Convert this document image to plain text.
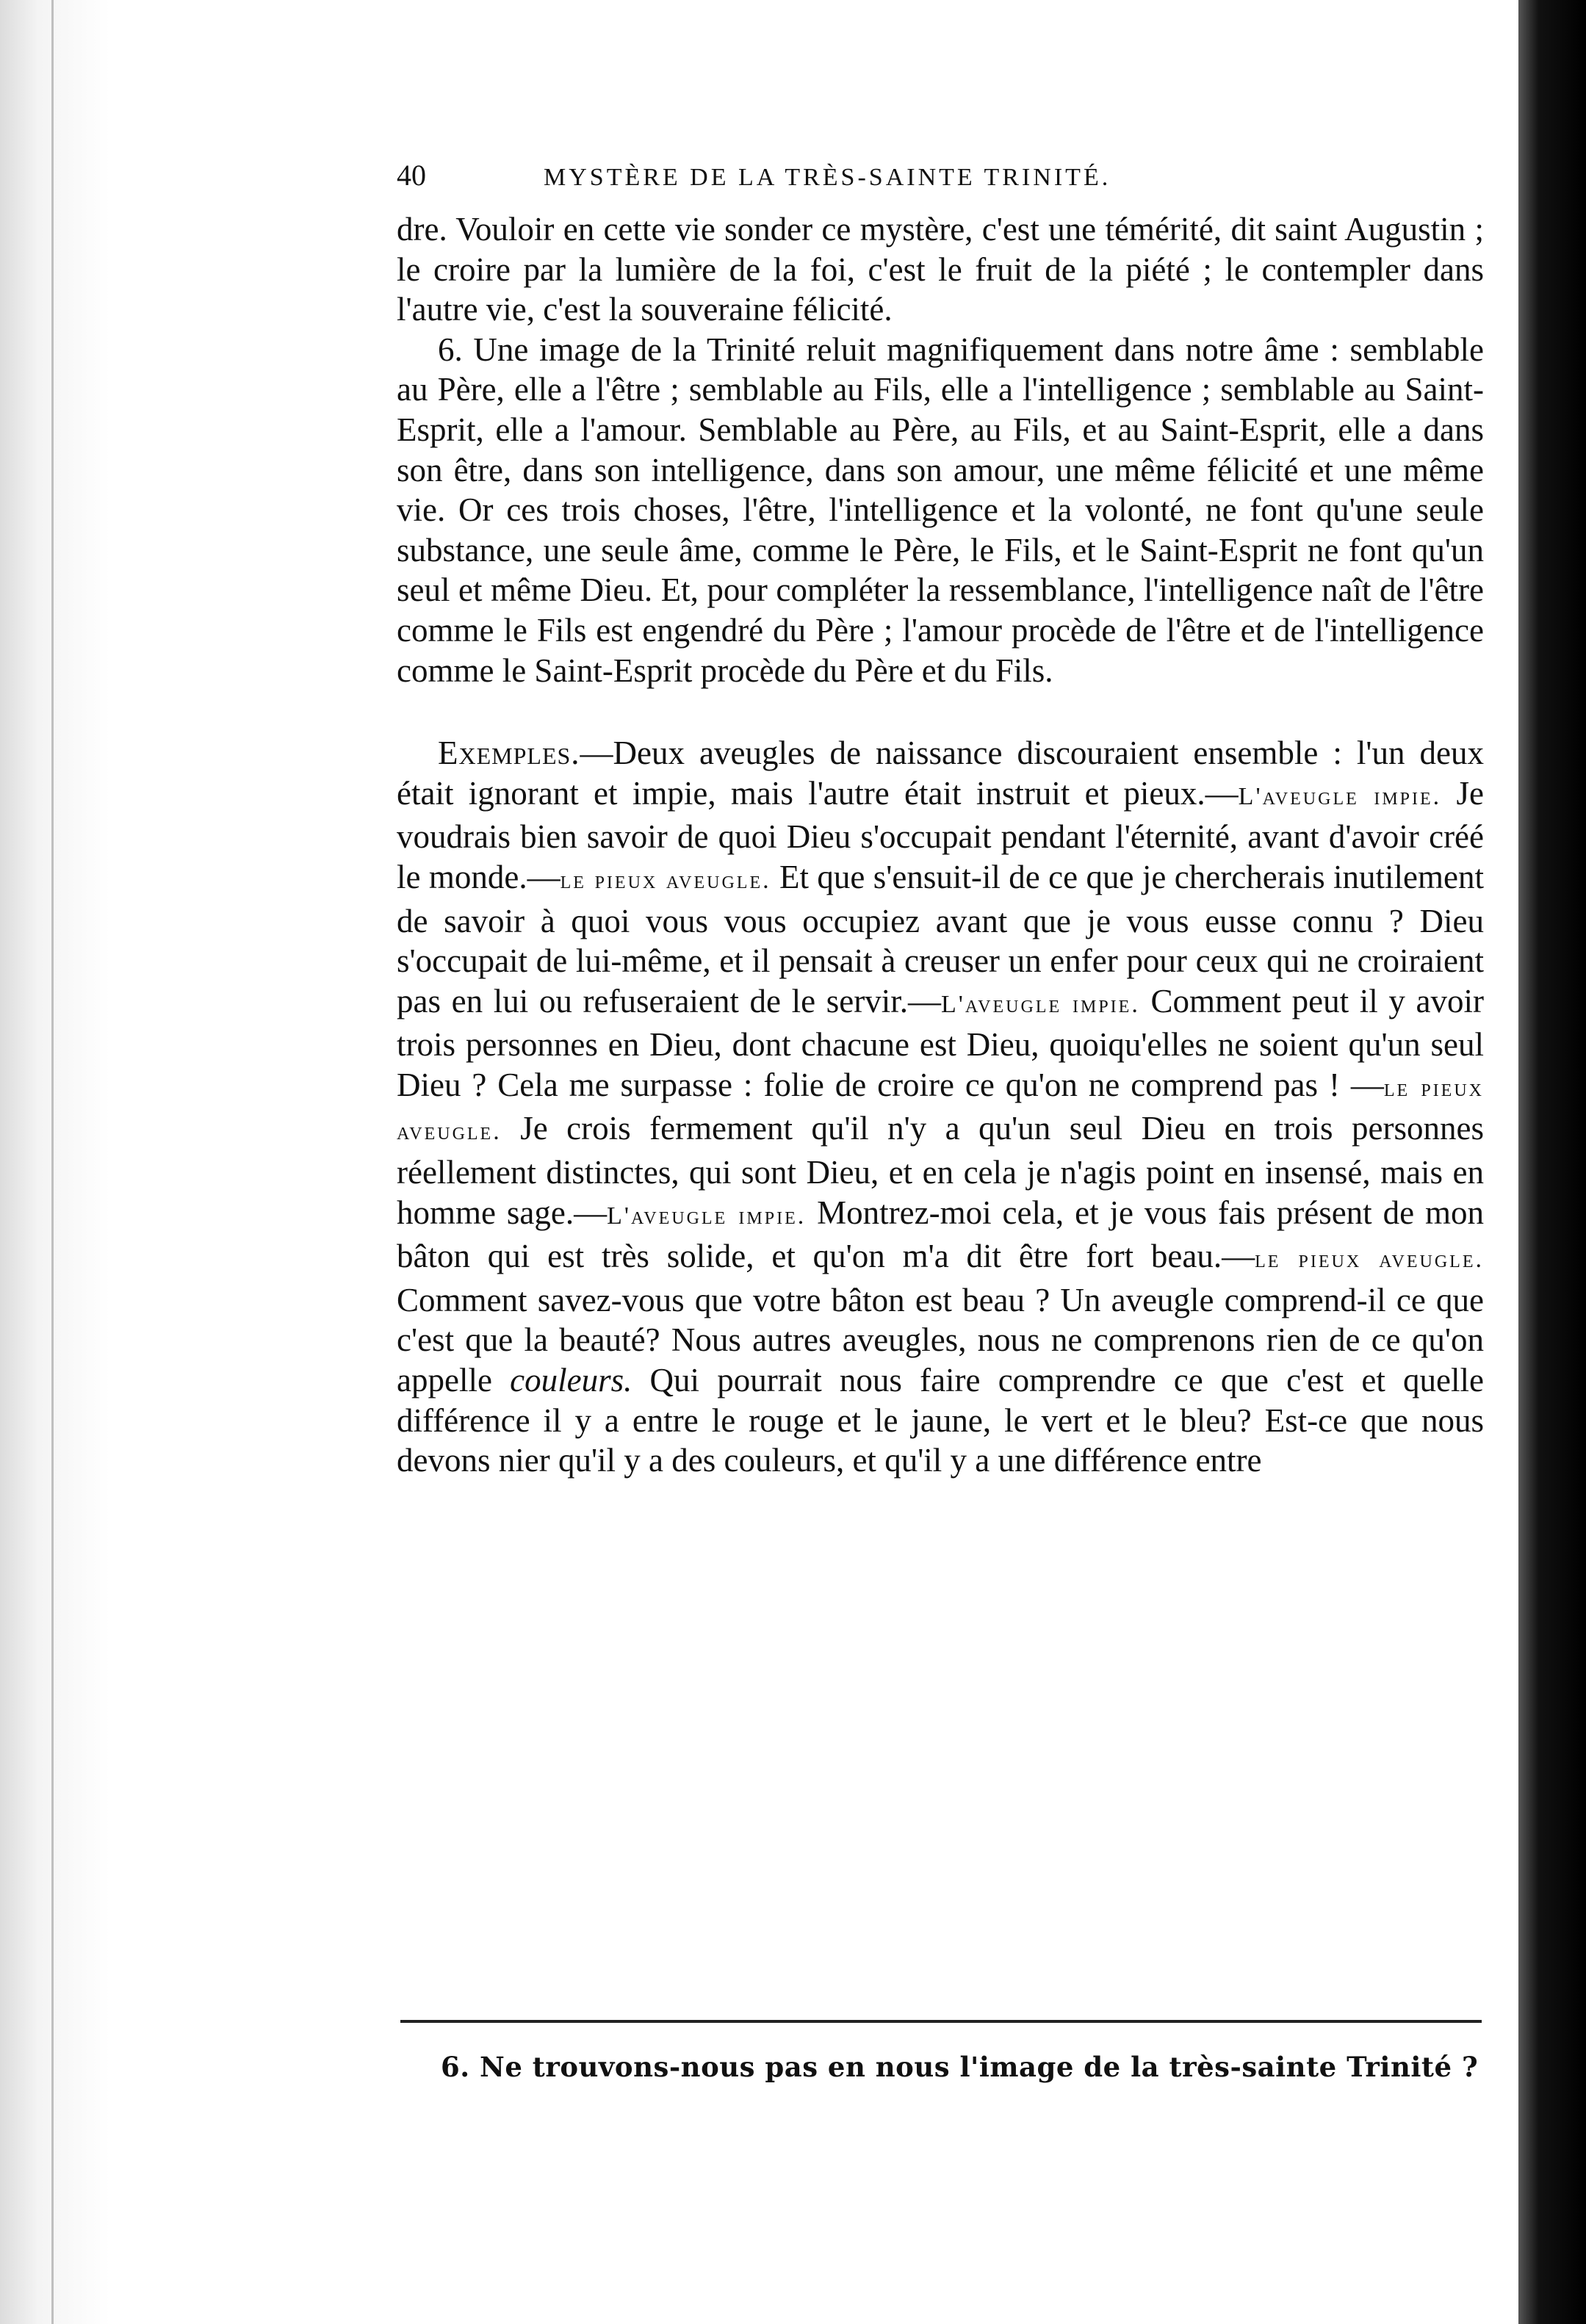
40	MYSTÈRE DE LA TRÈS-SAINTE TRINITÉ.

dre. Vouloir en cette vie sonder ce mystère, c'est une témérité, dit saint Augustin ; le croire par la lumière de la foi, c'est le fruit de la piété ; le contempler dans l'autre vie, c'est la souveraine félicité.

6. Une image de la Trinité reluit magnifiquement dans notre âme : semblable au Père, elle a l'être ; semblable au Fils, elle a l'intelligence ; semblable au Saint-Esprit, elle a l'amour. Semblable au Père, au Fils, et au Saint-Esprit, elle a dans son être, dans son intelligence, dans son amour, une même félicité et une même vie. Or ces trois choses, l'être, l'intelligence et la volonté, ne font qu'une seule substance, une seule âme, comme le Père, le Fils, et le Saint-Esprit ne font qu'un seul et même Dieu. Et, pour compléter la ressemblance, l'intelligence naît de l'être comme le Fils est engendré du Père ; l'amour procède de l'être et de l'intelligence comme le Saint-Esprit procède du Père et du Fils.

Exemples.—Deux aveugles de naissance discouraient ensemble : l'un deux était ignorant et impie, mais l'autre était instruit et pieux.—L'aveugle impie. Je voudrais bien savoir de quoi Dieu s'occupait pendant l'éternité, avant d'avoir créé le monde.—le pieux aveugle. Et que s'ensuit-il de ce que je chercherais inutilement de savoir à quoi vous vous occupiez avant que je vous eusse connu ? Dieu s'occupait de lui-même, et il pensait à creuser un enfer pour ceux qui ne croiraient pas en lui ou refuseraient de le servir.—L'aveugle impie. Comment peut il y avoir trois personnes en Dieu, dont chacune est Dieu, quoiqu'elles ne soient qu'un seul Dieu ? Cela me surpasse : folie de croire ce qu'on ne comprend pas ! —le pieux aveugle. Je crois fermement qu'il n'y a qu'un seul Dieu en trois personnes réellement distinctes, qui sont Dieu, et en cela je n'agis point en insensé, mais en homme sage.—L'aveugle impie. Montrez-moi cela, et je vous fais présent de mon bâton qui est très solide, et qu'on m'a dit être fort beau.—le pieux aveugle. Comment savez-vous que votre bâton est beau ? Un aveugle comprend-il ce que c'est que la beauté? Nous autres aveugles, nous ne comprenons rien de ce qu'on appelle couleurs. Qui pourrait nous faire comprendre ce que c'est et quelle différence il y a entre le rouge et le jaune, le vert et le bleu? Est-ce que nous devons nier qu'il y a des couleurs, et qu'il y a une différence entre

6. Ne trouvons-nous pas en nous l'image de la très-sainte Trinité ?
